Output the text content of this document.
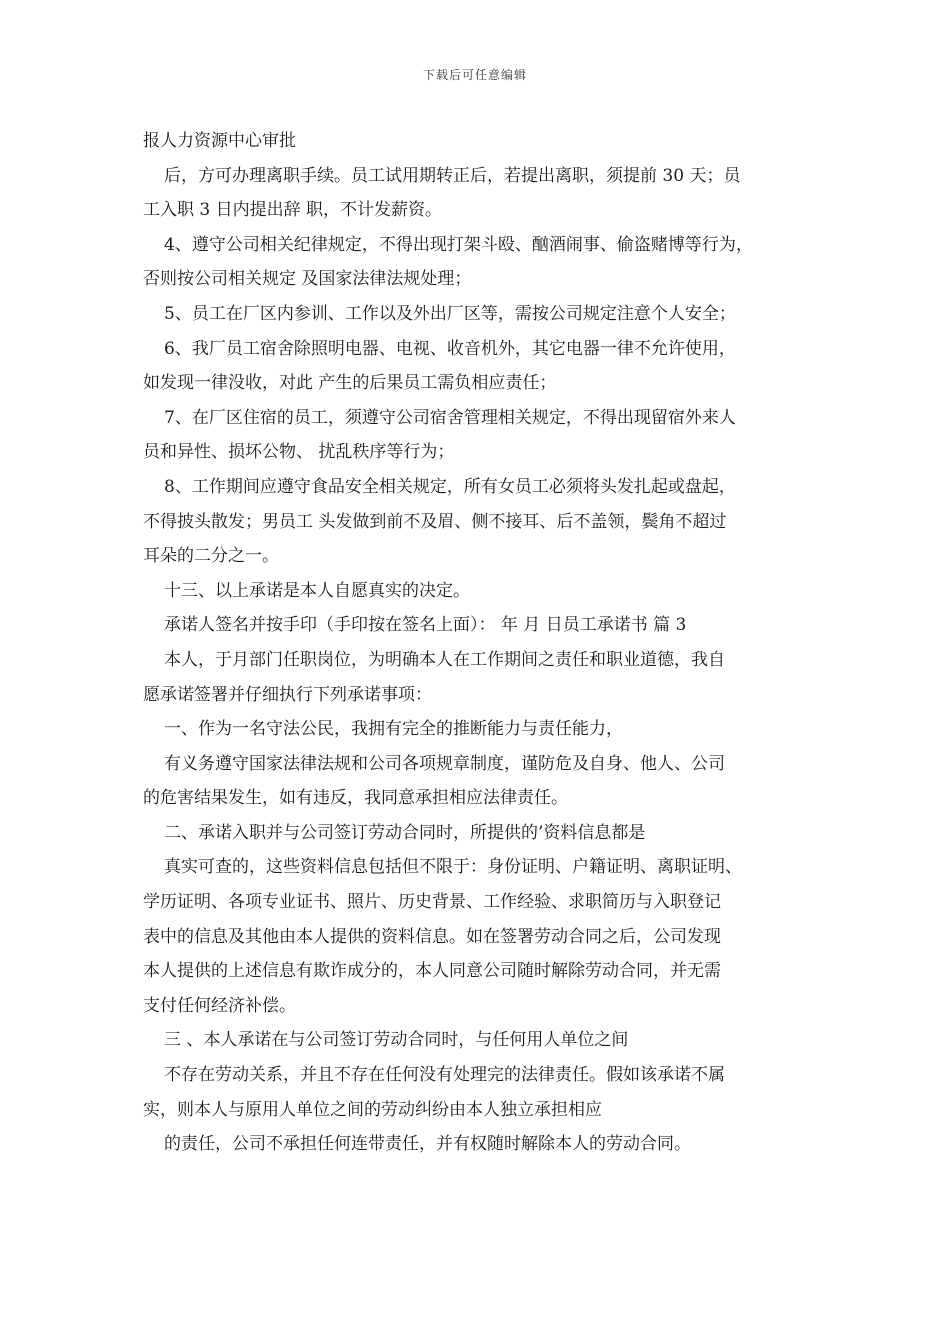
下载后可任意编辑
报人力资源中心审批
后，方可办理离职手续。员工试用期转正后，若提出离职，须提前 30 天；员
工入职 3 日内提出辞 职，不计发薪资。
4、遵守公司相关纪律规定，不得出现打架斗殴、酗酒闹事、偷盗赌博等行为，
否则按公司相关规定 及国家法律法规处理；
5、员工在厂区内参训、工作以及外出厂区等，需按公司规定注意个人安全；
6、我厂员工宿舍除照明电器、电视、收音机外，其它电器一律不允许使用，
如发现一律没收，对此 产生的后果员工需负相应责任；
7、在厂区住宿的员工，须遵守公司宿舍管理相关规定，不得出现留宿外来人
员和异性、损坏公物、 扰乱秩序等行为；
8、工作期间应遵守食品安全相关规定，所有女员工必须将头发扎起或盘起，
不得披头散发；男员工 头发做到前不及眉、侧不接耳、后不盖领，鬓角不超过
耳朵的二分之一。
十三、以上承诺是本人自愿真实的决定。
承诺人签名并按手印（手印按在签名上面）： 年 月 日员工承诺书 篇 3
本人，于月部门任职岗位，为明确本人在工作期间之责任和职业道德，我自
愿承诺签署并仔细执行下列承诺事项：
一、作为一名守法公民，我拥有完全的推断能力与责任能力，
有义务遵守国家法律法规和公司各项规章制度，谨防危及自身、他人、公司
的危害结果发生，如有违反，我同意承担相应法律责任。
二、承诺入职并与公司签订劳动合同时，所提供的’资料信息都是
真实可查的，这些资料信息包括但不限于：身份证明、户籍证明、离职证明、
学历证明、各项专业证书、照片、历史背景、工作经验、求职简历与入职登记
表中的信息及其他由本人提供的资料信息。如在签署劳动合同之后，公司发现
本人提供的上述信息有欺诈成分的，本人同意公司随时解除劳动合同，并无需
支付任何经济补偿。
三 、本人承诺在与公司签订劳动合同时，与任何用人单位之间
不存在劳动关系，并且不存在任何没有处理完的法律责任。假如该承诺不属
实，则本人与原用人单位之间的劳动纠纷由本人独立承担相应
的责任，公司不承担任何连带责任，并有权随时解除本人的劳动合同。
